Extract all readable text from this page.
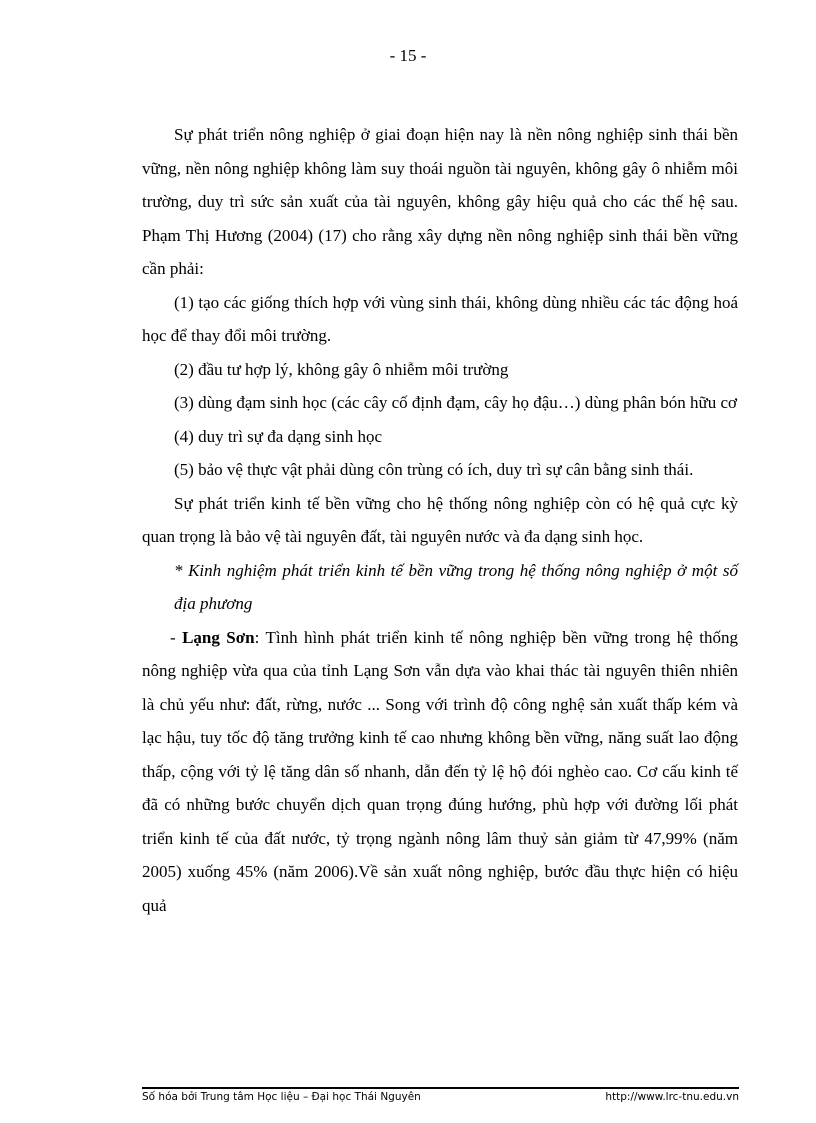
- 15 -

Sự phát triển nông nghiệp ở giai đoạn hiện nay là nền nông nghiệp sinh thái bền vững, nền nông nghiệp không làm suy thoái nguồn tài nguyên, không gây ô nhiễm môi trường, duy trì sức sản xuất của tài nguyên, không gây hiệu quả cho các thế hệ sau. Phạm Thị Hương (2004) (17) cho rằng xây dựng nền nông nghiệp sinh thái bền vững cần phải:

(1) tạo các giống thích hợp với vùng sinh thái, không dùng nhiều các tác động hoá học để thay đổi môi trường.

(2) đầu tư hợp lý, không gây ô nhiễm môi trường

(3) dùng đạm sinh học (các cây cố định đạm, cây họ đậu…) dùng phân bón hữu cơ

(4) duy trì sự đa dạng sinh học

(5) bảo vệ thực vật phải dùng côn trùng có ích, duy trì sự cân bằng sinh thái.

Sự phát triển kinh tế bền vững cho hệ thống nông nghiệp còn có hệ quả cực kỳ quan trọng là bảo vệ tài nguyên đất, tài nguyên nước và đa dạng sinh học.

* Kinh nghiệm phát triển kinh tế bền vững trong hệ thống nông nghiệp ở một số địa phương

- Lạng Sơn: Tình hình phát triển kinh tế nông nghiệp bền vững trong hệ thống nông nghiệp vừa qua của tỉnh Lạng Sơn vẫn dựa vào khai thác tài nguyên thiên nhiên là chủ yếu như: đất, rừng, nước ... Song với trình độ công nghệ sản xuất thấp kém và lạc hậu, tuy tốc độ tăng trưởng kinh tế cao nhưng không bền vững, năng suất lao động thấp, cộng với tỷ lệ tăng dân số nhanh, dẫn đến tỷ lệ hộ đói nghèo cao. Cơ cấu kinh tế đã có những bước chuyển dịch quan trọng đúng hướng, phù hợp với đường lối phát triển kinh tế của đất nước, tỷ trọng ngành nông lâm thuỷ sản giảm từ 47,99% (năm 2005) xuống 45% (năm 2006).Về sản xuất nông nghiệp, bước đầu thực hiện có hiệu quả

Số hóa bởi Trung tâm Học liệu – Đại học Thái Nguyên	http://www.lrc-tnu.edu.vn
